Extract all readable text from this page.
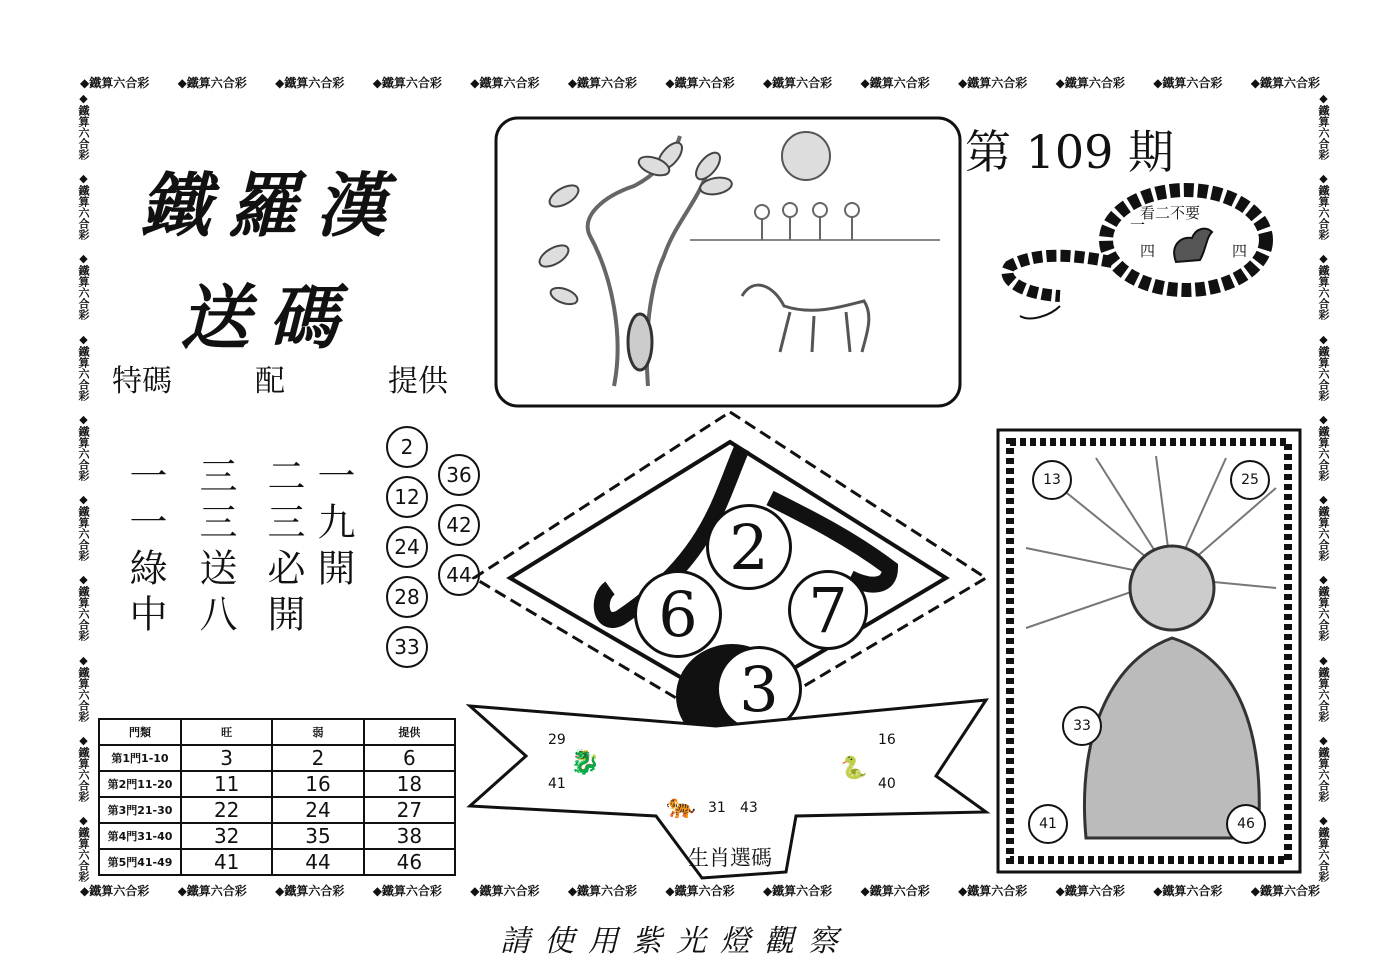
◆鐵算六合彩 ◆鐵算六合彩 ◆鐵算六合彩 ◆鐵算六合彩 ◆鐵算六合彩 ◆鐵算六合彩 ◆鐵算六合彩 ◆鐵算六合彩 ◆鐵算六合彩 ◆鐵算六合彩 ◆鐵算六合彩 ◆鐵算六合彩 ◆鐵算六合彩
◆鐵算六合彩 ◆鐵算六合彩 ◆鐵算六合彩 ◆鐵算六合彩 ◆鐵算六合彩 ◆鐵算六合彩 ◆鐵算六合彩 ◆鐵算六合彩 ◆鐵算六合彩 ◆鐵算六合彩 ◆鐵算六合彩 ◆鐵算六合彩 ◆鐵算六合彩
◆鐵算六合彩
◆鐵算六合彩
◆鐵算六合彩
◆鐵算六合彩
◆鐵算六合彩
◆鐵算六合彩
◆鐵算六合彩
◆鐵算六合彩
◆鐵算六合彩
◆鐵算六合彩
◆鐵算六合彩
◆鐵算六合彩
◆鐵算六合彩
◆鐵算六合彩
◆鐵算六合彩
◆鐵算六合彩
◆鐵算六合彩
◆鐵算六合彩
◆鐵算六合彩
◆鐵算六合彩
鐵羅漢
送碼
特碼	配	提供
一一綠中 三三送八 二三必開 一九開
2
12
24
28
33
36
42
44
第 109 期
看二不要
一
四	四
2
6	7
3
29
41
🐉
16
40
🐍
🐅 31 43
生肖選碼
13	25
33
41	46
門類	旺	弱	提供
第1門1-10	3	2	6
第2門11-20	11	16	18
第3門21-30	22	24	27
第4門31-40	32	35	38
第5門41-49	41	44	46
請使用紫光燈觀察
